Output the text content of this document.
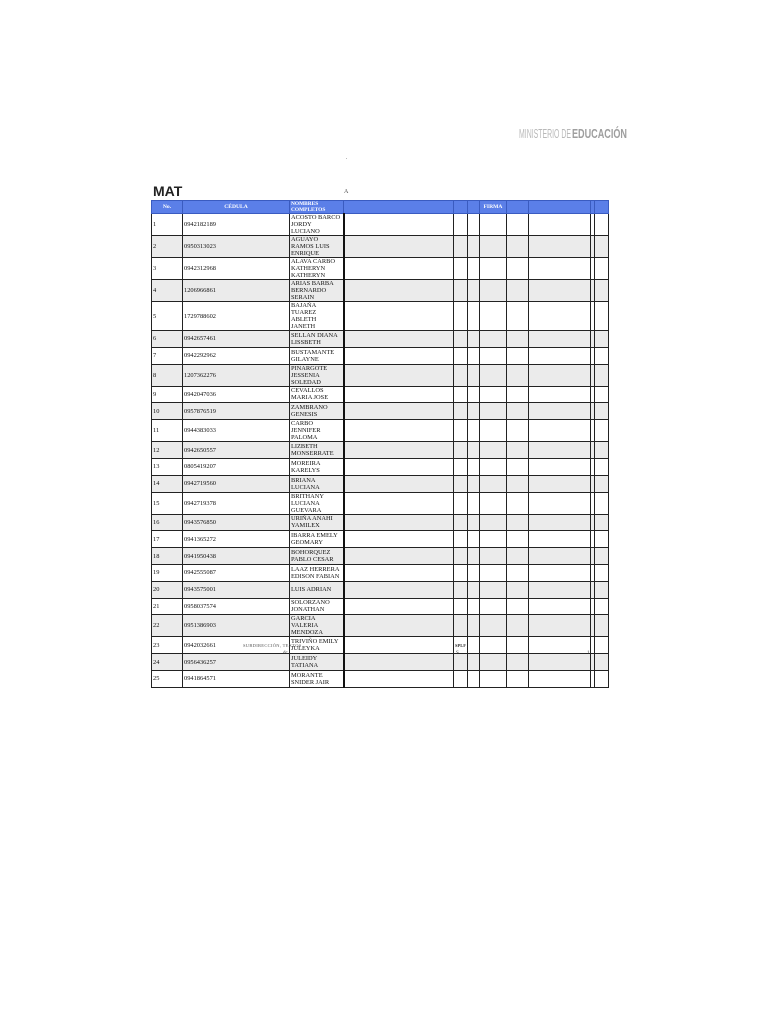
MINISTERIO DE EDUCACIÓN
MAT	A
No.	CÉDULA	NOMBRES COMPLETOS				FIRMA				
1	0942182189	ACOSTO BARCO JORDY LUCIANO								
2	0950313023	AGUAYO RAMOS LUIS ENRIQUE								
3	0942312968	ALAVA CARBO KATHERYN KATHERYN								
4	1206966861	ARIAS BARBA BERNARDO SERAIN								
5	1729788602	BAJAÑA TUAREZ ABLETH JANETH								
6	0942657461	SELLAN DIANA LISSBETH								
7	0942292962	BUSTAMANTE GILAYNE								
8	1207362276	PINARGOTE JESSENIA SOLEDAD								
9	0942047036	CEVALLOS MARIA JOSE								
10	0957876519	ZAMBRANO GENESIS								
11	0944383033	CARBO JENNIFER PALOMA								
12	0942650557	LIZBETH MONSERRATE								
13	0805419207	MOREIRA KARELYS								
14	0942719560	BRIANA LUCIANA								
15	0942719378	BRITHANY LUCIANA GUEVARA								
16	0943576850	URIÑA ANAHI YAMILEX								
17	0941365272	IBARRA EMELY GEOMARY								
18	0941950438	BOHORQUEZ PABLO CESAR								
19	0942555087	LAAZ HERRERA EDISON FABIAN								
20	0943575001	LUIS ADRIAN								
21	0958037574	SOLORZANO JONATHAN								
22	0951386903	GARCIA VALERIA MENDOZA								
23	0942032661	TRIVIÑO EMILY JULEYKA								
24	0956436257	JULEIDY TATIANA								
25	0941864571	MORANTE SNIDER JAIR								
SUBDIRECCIÓN, TEXTOS
dc
SPLF
S	1
